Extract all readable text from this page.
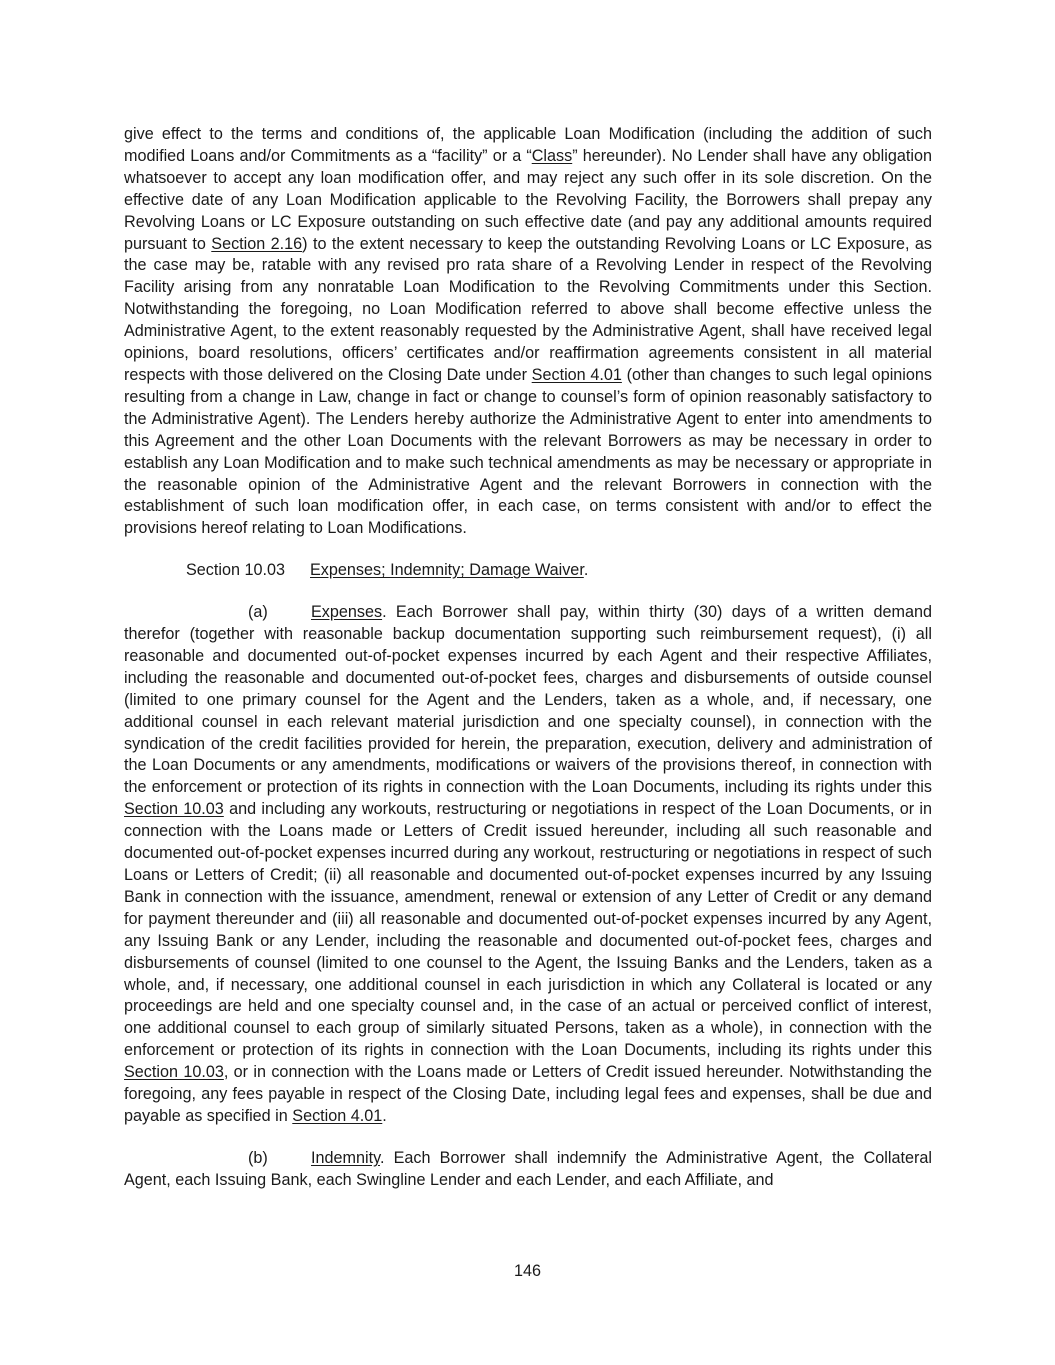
give effect to the terms and conditions of, the applicable Loan Modification (including the addition of such modified Loans and/or Commitments as a “facility” or a “Class” hereunder). No Lender shall have any obligation whatsoever to accept any loan modification offer, and may reject any such offer in its sole discretion. On the effective date of any Loan Modification applicable to the Revolving Facility, the Borrowers shall prepay any Revolving Loans or LC Exposure outstanding on such effective date (and pay any additional amounts required pursuant to Section 2.16) to the extent necessary to keep the outstanding Revolving Loans or LC Exposure, as the case may be, ratable with any revised pro rata share of a Revolving Lender in respect of the Revolving Facility arising from any nonratable Loan Modification to the Revolving Commitments under this Section. Notwithstanding the foregoing, no Loan Modification referred to above shall become effective unless the Administrative Agent, to the extent reasonably requested by the Administrative Agent, shall have received legal opinions, board resolutions, officers’ certificates and/or reaffirmation agreements consistent in all material respects with those delivered on the Closing Date under Section 4.01 (other than changes to such legal opinions resulting from a change in Law, change in fact or change to counsel’s form of opinion reasonably satisfactory to the Administrative Agent). The Lenders hereby authorize the Administrative Agent to enter into amendments to this Agreement and the other Loan Documents with the relevant Borrowers as may be necessary in order to establish any Loan Modification and to make such technical amendments as may be necessary or appropriate in the reasonable opinion of the Administrative Agent and the relevant Borrowers in connection with the establishment of such loan modification offer, in each case, on terms consistent with and/or to effect the provisions hereof relating to Loan Modifications.

Section 10.03 Expenses; Indemnity; Damage Waiver.

(a)	Expenses. Each Borrower shall pay, within thirty (30) days of a written demand therefor (together with reasonable backup documentation supporting such reimbursement request), (i) all reasonable and documented out-of-pocket expenses incurred by each Agent and their respective Affiliates, including the reasonable and documented out-of-pocket fees, charges and disbursements of outside counsel (limited to one primary counsel for the Agent and the Lenders, taken as a whole, and, if necessary, one additional counsel in each relevant material jurisdiction and one specialty counsel), in connection with the syndication of the credit facilities provided for herein, the preparation, execution, delivery and administration of the Loan Documents or any amendments, modifications or waivers of the provisions thereof, in connection with the enforcement or protection of its rights in connection with the Loan Documents, including its rights under this Section 10.03 and including any workouts, restructuring or negotiations in respect of the Loan Documents, or in connection with the Loans made or Letters of Credit issued hereunder, including all such reasonable and documented out-of-pocket expenses incurred during any workout, restructuring or negotiations in respect of such Loans or Letters of Credit; (ii) all reasonable and documented out-of-pocket expenses incurred by any Issuing Bank in connection with the issuance, amendment, renewal or extension of any Letter of Credit or any demand for payment thereunder and (iii) all reasonable and documented out-of-pocket expenses incurred by any Agent, any Issuing Bank or any Lender, including the reasonable and documented out-of-pocket fees, charges and disbursements of counsel (limited to one counsel to the Agent, the Issuing Banks and the Lenders, taken as a whole, and, if necessary, one additional counsel in each jurisdiction in which any Collateral is located or any proceedings are held and one specialty counsel and, in the case of an actual or perceived conflict of interest, one additional counsel to each group of similarly situated Persons, taken as a whole), in connection with the enforcement or protection of its rights in connection with the Loan Documents, including its rights under this Section 10.03, or in connection with the Loans made or Letters of Credit issued hereunder. Notwithstanding the foregoing, any fees payable in respect of the Closing Date, including legal fees and expenses, shall be due and payable as specified in Section 4.01.

(b)	Indemnity. Each Borrower shall indemnify the Administrative Agent, the Collateral Agent, each Issuing Bank, each Swingline Lender and each Lender, and each Affiliate, and

146
